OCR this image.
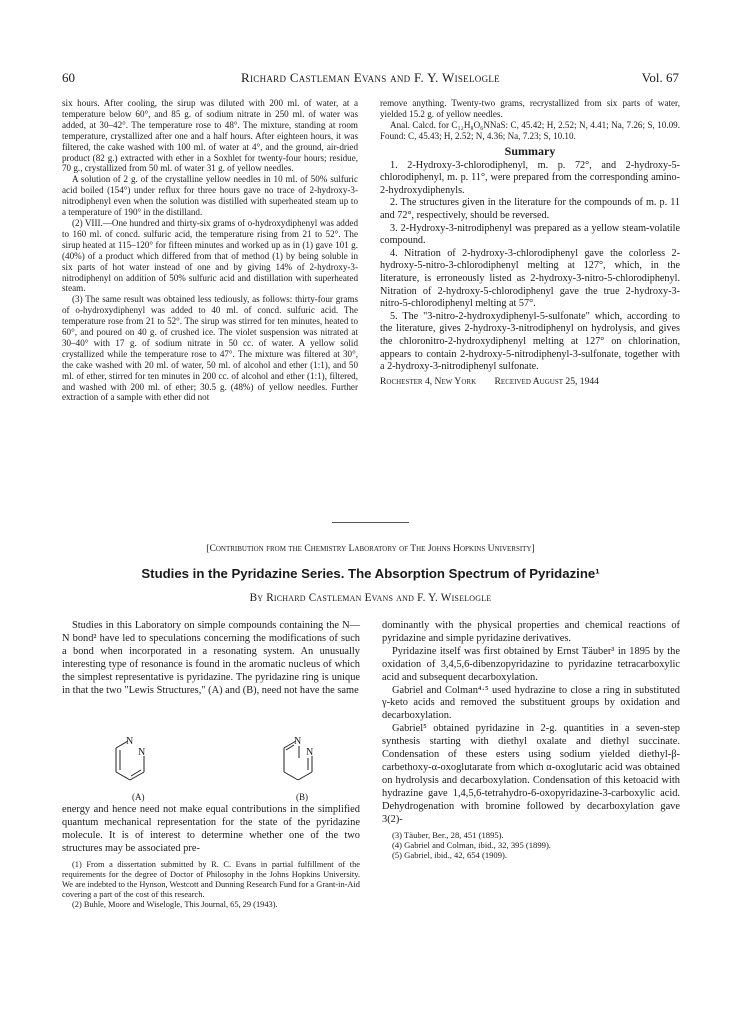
60	Richard Castleman Evans and F. Y. Wiseloglе	Vol. 67

six hours. After cooling, the sirup was diluted with 200 ml. of water, at a temperature below 60°, and 85 g. of sodium nitrate in 250 ml. of water was added, at 30–42°. The temperature rose to 48°. The mixture, standing at room temperature, crystallized after one and a half hours. After eighteen hours, it was filtered, the cake washed with 100 ml. of water at 4°, and the ground, air-dried product (82 g.) extracted with ether in a Soxhlet for twenty-four hours; residue, 70 g., crystallized from 50 ml. of water 31 g. of yellow needles.

A solution of 2 g. of the crystalline yellow needles in 10 ml. of 50% sulfuric acid boiled (154°) under reflux for three hours gave no trace of 2-hydroxy-3-nitrodiphenyl even when the solution was distilled with superheated steam up to a temperature of 190° in the distilland.

(2) VIII.—One hundred and thirty-six grams of o-hydroxydiphenyl was added to 160 ml. of concd. sulfuric acid, the temperature rising from 21 to 52°. The sirup heated at 115–120° for fifteen minutes and worked up as in (1) gave 101 g. (40%) of a product which differed from that of method (1) by being soluble in six parts of hot water instead of one and by giving 14% of 2-hydroxy-3-nitrodiphenyl on addition of 50% sulfuric acid and distillation with superheated steam.

(3) The same result was obtained less tediously, as follows: thirty-four grams of o-hydroxydiphenyl was added to 40 ml. of concd. sulfuric acid. The temperature rose from 21 to 52°. The sirup was stirred for ten minutes, heated to 60°, and poured on 40 g. of crushed ice. The violet suspension was nitrated at 30–40° with 17 g. of sodium nitrate in 50 cc. of water. A yellow solid crystallized while the temperature rose to 47°. The mixture was filtered at 30°, the cake washed with 20 ml. of water, 50 ml. of alcohol and ether (1:1), and 50 ml. of ether, stirred for ten minutes in 200 cc. of alcohol and ether (1:1), filtered, and washed with 200 ml. of ether; 30.5 g. (48%) of yellow needles. Further extraction of a sample with ether did not

remove anything. Twenty-two grams, recrystallized from six parts of water, yielded 15.2 g. of yellow needles.

Anal. Calcd. for C₁₂H₈O₆NNaS: C, 45.42; H, 2.52; N, 4.41; Na, 7.26; S, 10.09. Found: C, 45.43; H, 2.52; N, 4.36; Na, 7.23; S, 10.10.

Summary

1. 2-Hydroxy-3-chlorodiphenyl, m. p. 72°, and 2-hydroxy-5-chlorodiphenyl, m. p. 11°, were prepared from the corresponding amino-2-hydroxydiphenyls.

2. The structures given in the literature for the compounds of m. p. 11 and 72°, respectively, should be reversed.

3. 2-Hydroxy-3-nitrodiphenyl was prepared as a yellow steam-volatile compound.

4. Nitration of 2-hydroxy-3-chlorodiphenyl gave the colorless 2-hydroxy-5-nitro-3-chlorodiphenyl melting at 127°, which, in the literature, is erroneously listed as 2-hydroxy-3-nitro-5-chlorodiphenyl. Nitration of 2-hydroxy-5-chlorodiphenyl gave the true 2-hydroxy-3-nitro-5-chlorodiphenyl melting at 57°.

5. The "3-nitro-2-hydroxydiphenyl-5-sulfonate" which, according to the literature, gives 2-hydroxy-3-nitrodiphenyl on hydrolysis, and gives the chloronitro-2-hydroxydiphenyl melting at 127° on chlorination, appears to contain 2-hydroxy-5-nitrodiphenyl-3-sulfonate, together with a 2-hydroxy-3-nitrodiphenyl sulfonate.

Rochester 4, New York Received August 25, 1944
[Contribution from the Chemistry Laboratory of The Johns Hopkins University]
Studies in the Pyridazine Series. The Absorption Spectrum of Pyridazine¹
By Richard Castleman Evans and F. Y. Wiseloglе

Studies in this Laboratory on simple compounds containing the N—N bond² have led to speculations concerning the modifications of such a bond when incorporated in a resonating system. An unusually interesting type of resonance is found in the aromatic nucleus of which the simplest representative is pyridazine. The pyridazine ring is unique in that the two "Lewis Structures," (A) and (B), need not have the same

N
N
(A)
N
N
(B)

energy and hence need not make equal contributions in the simplified quantum mechanical representation for the state of the pyridazine molecule. It is of interest to determine whether one of the two structures may be associated pre-

(1) From a dissertation submitted by R. C. Evans in partial fulfillment of the requirements for the degree of Doctor of Philosophy in the Johns Hopkins University. We are indebted to the Hynson, Westcott and Dunning Research Fund for a Grant-in-Aid covering a part of the cost of this research.

(2) Buhle, Moore and Wiseloglе, This Journal, 65, 29 (1943).

dominantly with the physical properties and chemical reactions of pyridazine and simple pyridazine derivatives.

Pyridazine itself was first obtained by Ernst Täuber³ in 1895 by the oxidation of 3,4,5,6-dibenzopyridazine to pyridazine tetracarboxylic acid and subsequent decarboxylation.

Gabriel and Colman⁴·⁵ used hydrazine to close a ring in substituted γ-keto acids and removed the substituent groups by oxidation and decarboxylation.

Gabriel⁵ obtained pyridazine in 2-g. quantities in a seven-step synthesis starting with diethyl oxalate and diethyl succinate. Condensation of these esters using sodium yielded diethyl-β-carbethoxy-α-oxoglutarate from which α-oxoglutaric acid was obtained on hydrolysis and decarboxylation. Condensation of this ketoacid with hydrazine gave 1,4,5,6-tetrahydro-6-oxopyridazine-3-carboxylic acid. Dehydrogenation with bromine followed by decarboxylation gave 3(2)-

(3) Täuber, Ber., 28, 451 (1895).

(4) Gabriel and Colman, ibid., 32, 395 (1899).

(5) Gabriel, ibid., 42, 654 (1909).
